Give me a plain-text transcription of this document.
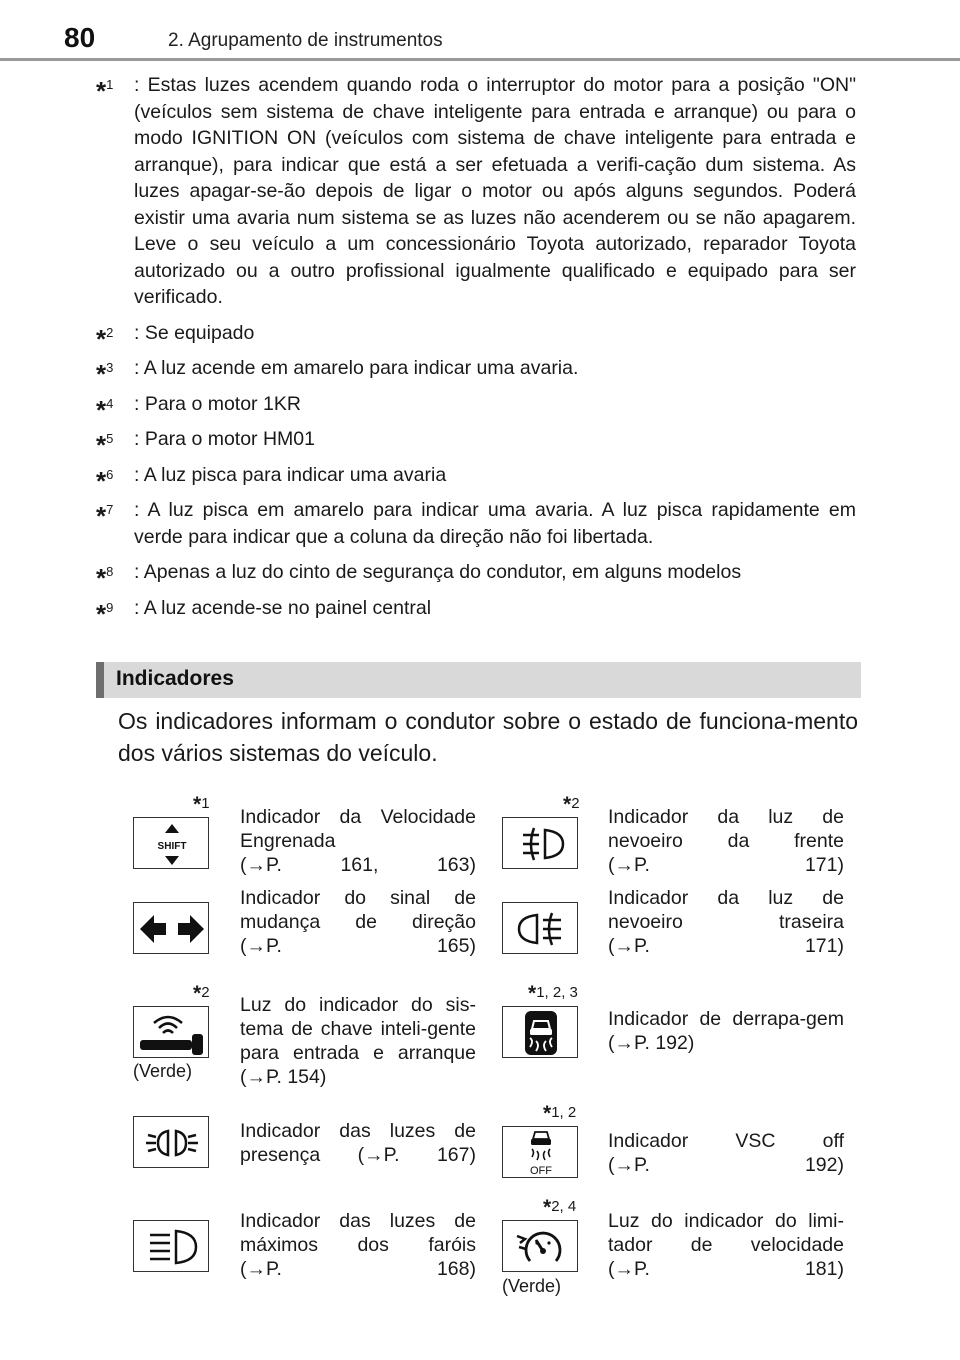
80	2. Agrupamento de instrumentos
*$^1$ : Estas luzes acendem quando roda o interruptor do motor para a posição "ON" (veículos sem sistema de chave inteligente para entrada e arranque) ou para o modo IGNITION ON (veículos com sistema de chave inteligente para entrada e arranque), para indicar que está a ser efetuada a verifi-cação dum sistema. As luzes apagar-se-ão depois de ligar o motor ou após alguns segundos. Poderá existir uma avaria num sistema se as luzes não acenderem ou se não apagarem. Leve o seu veículo a um concessionário Toyota autorizado, reparador Toyota autorizado ou a outro profissional igualmente qualificado e equipado para ser verificado.
*$^2$ : Se equipado
*$^3$ : A luz acende em amarelo para indicar uma avaria.
*$^4$ : Para o motor 1KR
*$^5$ : Para o motor HM01
*$^6$ : A luz pisca para indicar uma avaria
*$^7$ : A luz pisca em amarelo para indicar uma avaria. A luz pisca rapidamente em verde para indicar que a coluna da direção não foi libertada.
*$^8$ : Apenas a luz do cinto de segurança do condutor, em alguns modelos
*$^9$ : A luz acende-se no painel central
Indicadores
Os indicadores informam o condutor sobre o estado de funciona-mento dos vários sistemas do veículo.
*1
SHIFT
Indicador da Velocidade Engrenada
(→P. 161, 163)
*2
Indicador da luz de nevoeiro da frente
(→P. 171)
Indicador do sinal de mudança de direção
(→P. 165)
Indicador da luz de nevoeiro traseira
(→P. 171)
*2
(Verde)
Luz do indicador do sis-tema de chave inteli-gente para entrada e arranque (→P. 154)
*1, 2, 3
Indicador de derrapa-gem (→P. 192)
Indicador das luzes de presença (→P. 167)
*1, 2
OFF
Indicador VSC off
(→P. 192)
Indicador das luzes de máximos dos faróis
(→P. 168)
*2, 4
(Verde)
Luz do indicador do limi-tador de velocidade
(→P. 181)
